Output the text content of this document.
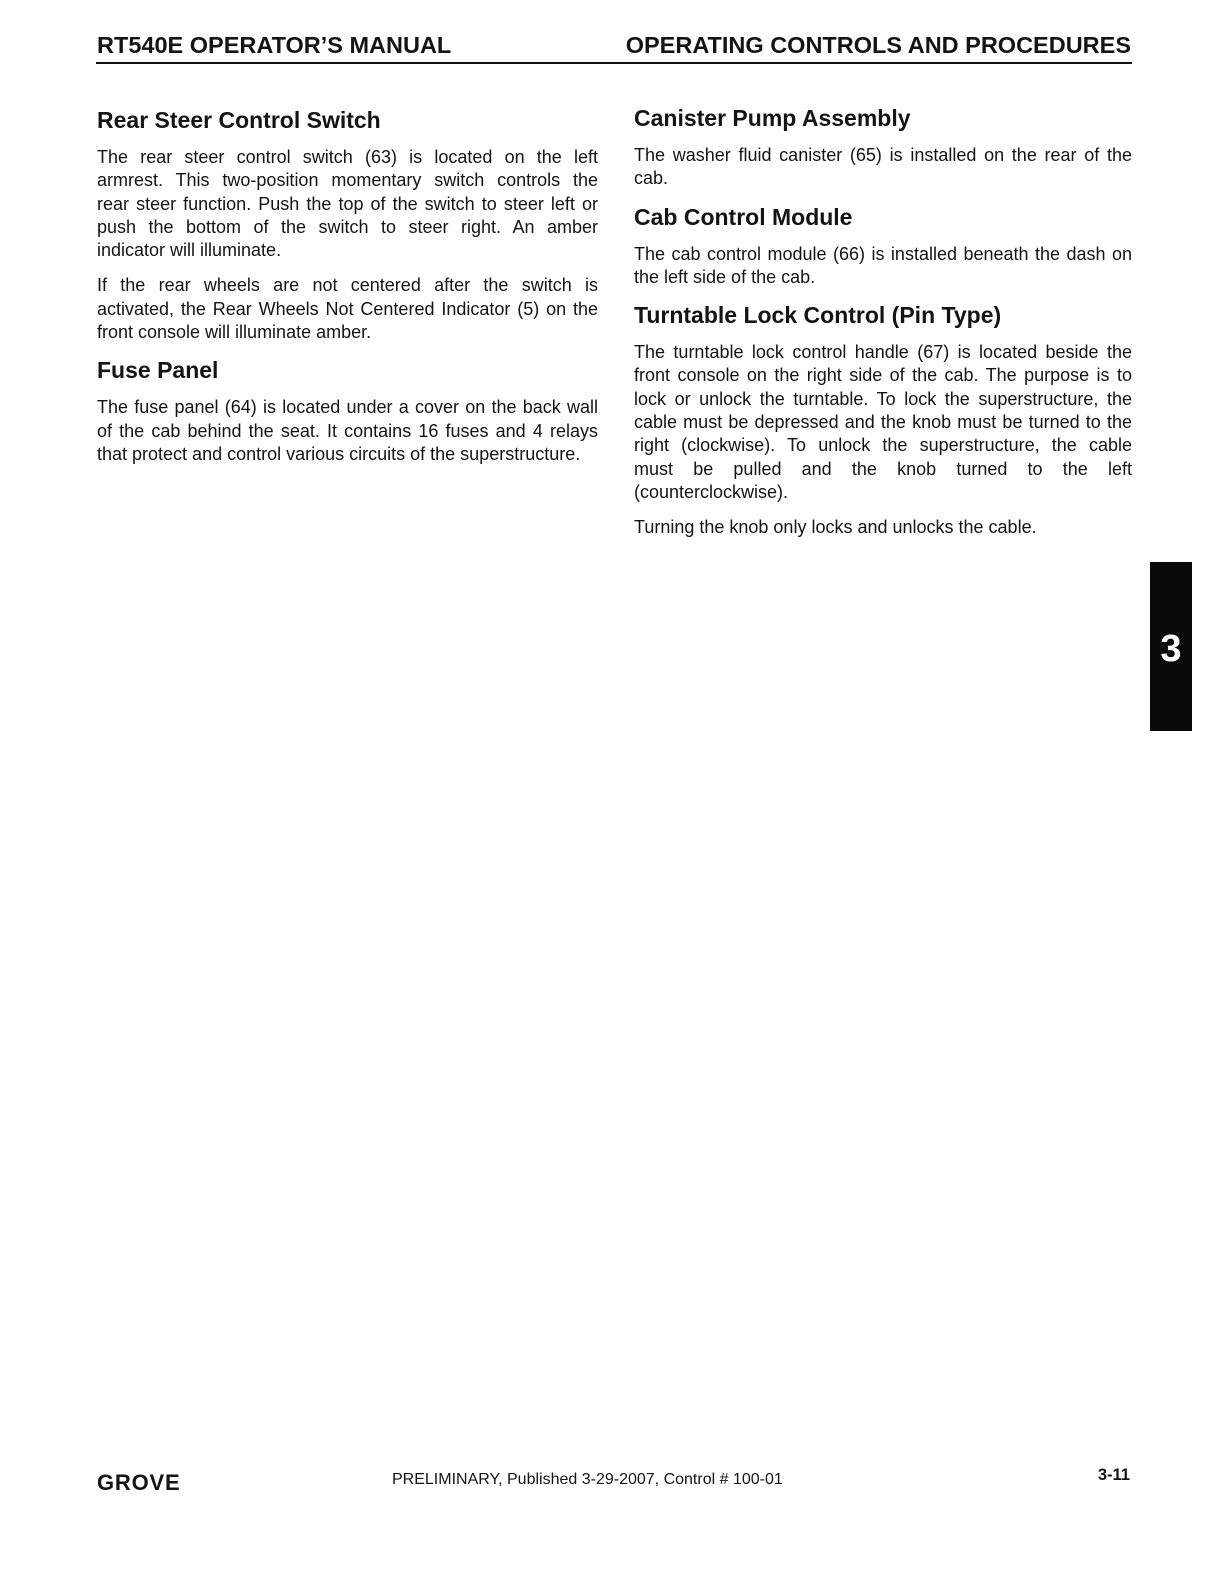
RT540E OPERATOR’S MANUAL	OPERATING CONTROLS AND PROCEDURES
Rear Steer Control Switch
The rear steer control switch (63) is located on the left
armrest. This two-position momentary switch controls the
rear steer function. Push the top of the switch to steer left or
push the bottom of the switch to steer right. An amber
indicator will illuminate.
If the rear wheels are not centered after the switch is
activated, the Rear Wheels Not Centered Indicator (5) on the
front console will illuminate amber.
Fuse Panel
The fuse panel (64) is located under a cover on the back wall
of the cab behind the seat. It contains 16 fuses and 4 relays
that protect and control various circuits of the superstructure.
Canister Pump Assembly
The washer fluid canister (65) is installed on the rear of the
cab.
Cab Control Module
The cab control module (66) is installed beneath the dash on
the left side of the cab.
Turntable Lock Control (Pin Type)
The turntable lock control handle (67) is located beside the
front console on the right side of the cab. The purpose is to
lock or unlock the turntable. To lock the superstructure, the
cable must be depressed and the knob must be turned to the
right (clockwise). To unlock the superstructure, the cable
must be pulled and the knob turned to the left
(counterclockwise).
Turning the knob only locks and unlocks the cable.
3
GROVE	PRELIMINARY, Published 3-29-2007, Control # 100-01	3-11
